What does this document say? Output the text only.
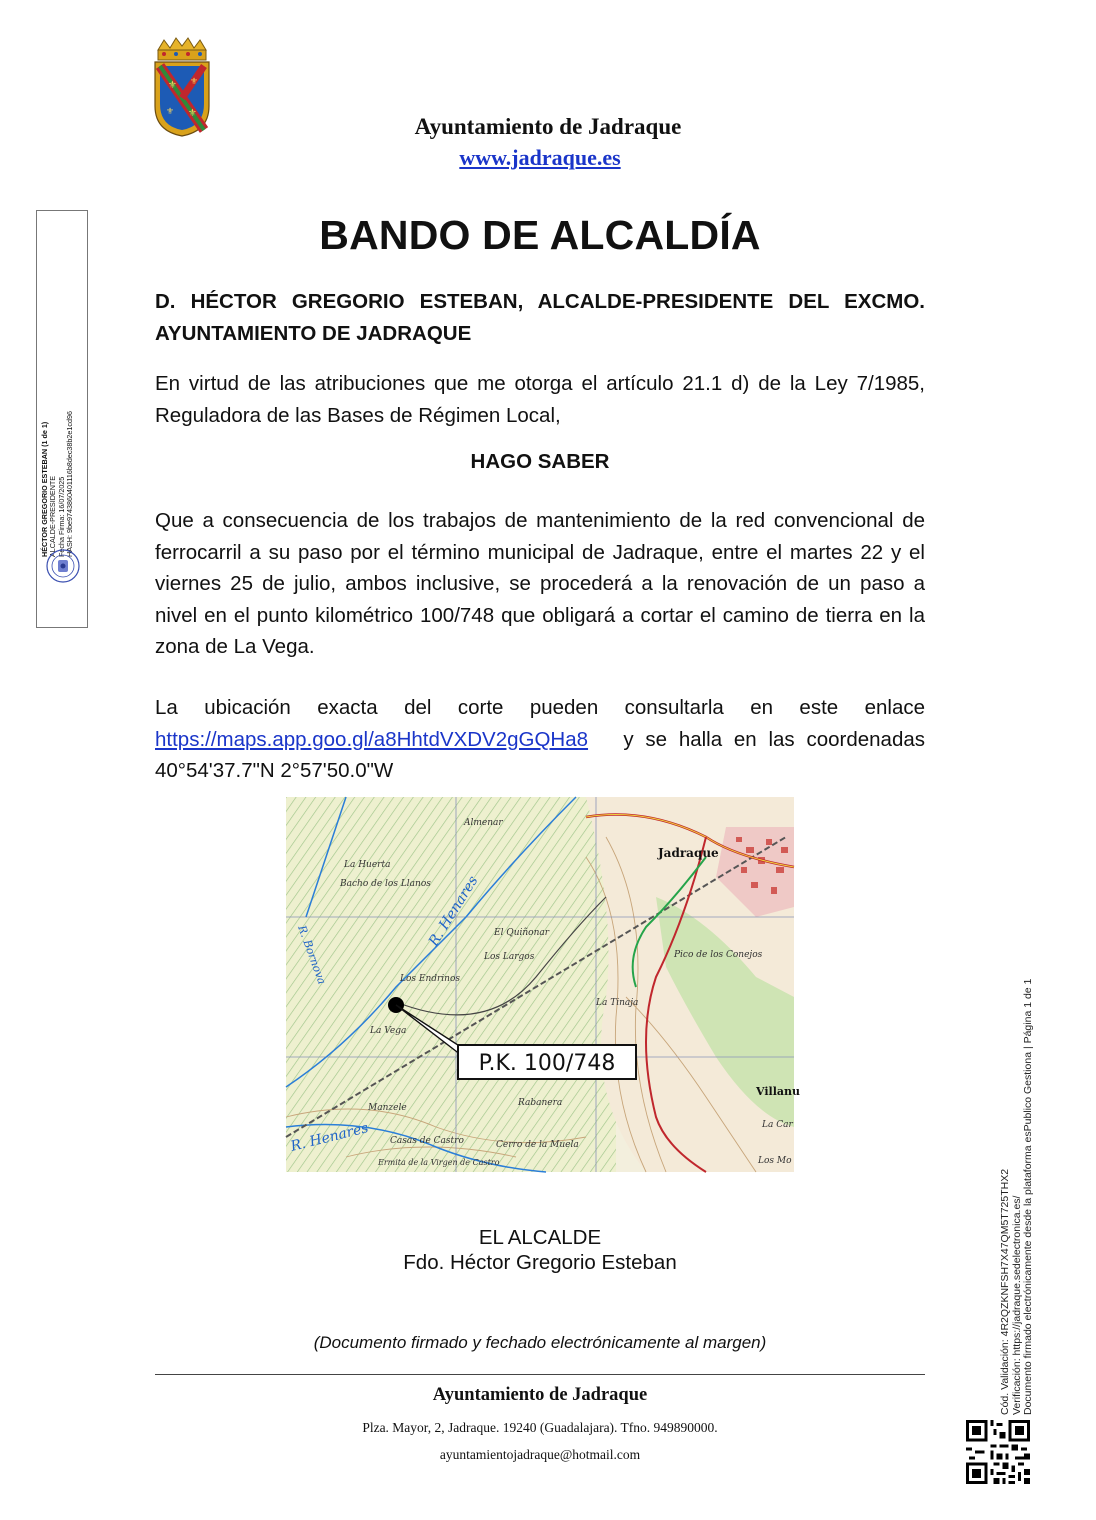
⚜
⚜
⚜
⚜
Ayuntamiento de Jadraque
www.jadraque.es
HÉCTOR GREGORIO ESTEBAN (1 de 1) ALCALDE-PRESIDENTE Fecha Firma: 16/07/2025 HASH: 9be9743860401116b8dec38b2e1cd96
BANDO DE ALCALDÍA
D. HÉCTOR GREGORIO ESTEBAN, ALCALDE-PRESIDENTE DEL EXCMO. AYUNTAMIENTO DE JADRAQUE
En virtud de las atribuciones que me otorga el artículo 21.1 d) de la Ley 7/1985, Reguladora de las Bases de Régimen Local,
HAGO SABER
Que a consecuencia de los trabajos de mantenimiento de la red convencional de ferrocarril a su paso por el término municipal de Jadraque, entre el martes 22 y el viernes 25 de julio, ambos inclusive, se procederá a la renovación de un paso a nivel en el punto kilométrico 100/748 que obligará a cortar el camino de tierra en la zona de La Vega.
La ubicación exacta del corte pueden consultarla en este enlace https://maps.app.goo.gl/a8HhtdVXDV2gGQHa8   y se halla en las coordenadas  40°54'37.7"N 2°57'50.0"W
Jadraque
Almenar
La Huerta
Bacho de los Llanos
El Quiñonar
Los Largos
Los Endrinos
La Vega
La Tinaja
Rabanera
Villanu
Cerro de la Muela
Casas de Castro
Ermita de la Virgen de Castro
Pico de los Conejos
Los Mo
La Car
Manzele
R. Henares
R. Bornova
R. Henares
P.K. 100/748
EL ALCALDE
Fdo. Héctor Gregorio Esteban
(Documento firmado y fechado electrónicamente al margen)
Ayuntamiento de Jadraque
Plza. Mayor, 2, Jadraque. 19240 (Guadalajara). Tfno. 949890000.
ayuntamientojadraque@hotmail.com
Cód. Validación: 4R2QZKNFSH7X47QM5T725THX2 Verificación: https://jadraque.sedelectronica.es/ Documento firmado electrónicamente desde la plataforma esPublico Gestiona | Página 1 de 1
